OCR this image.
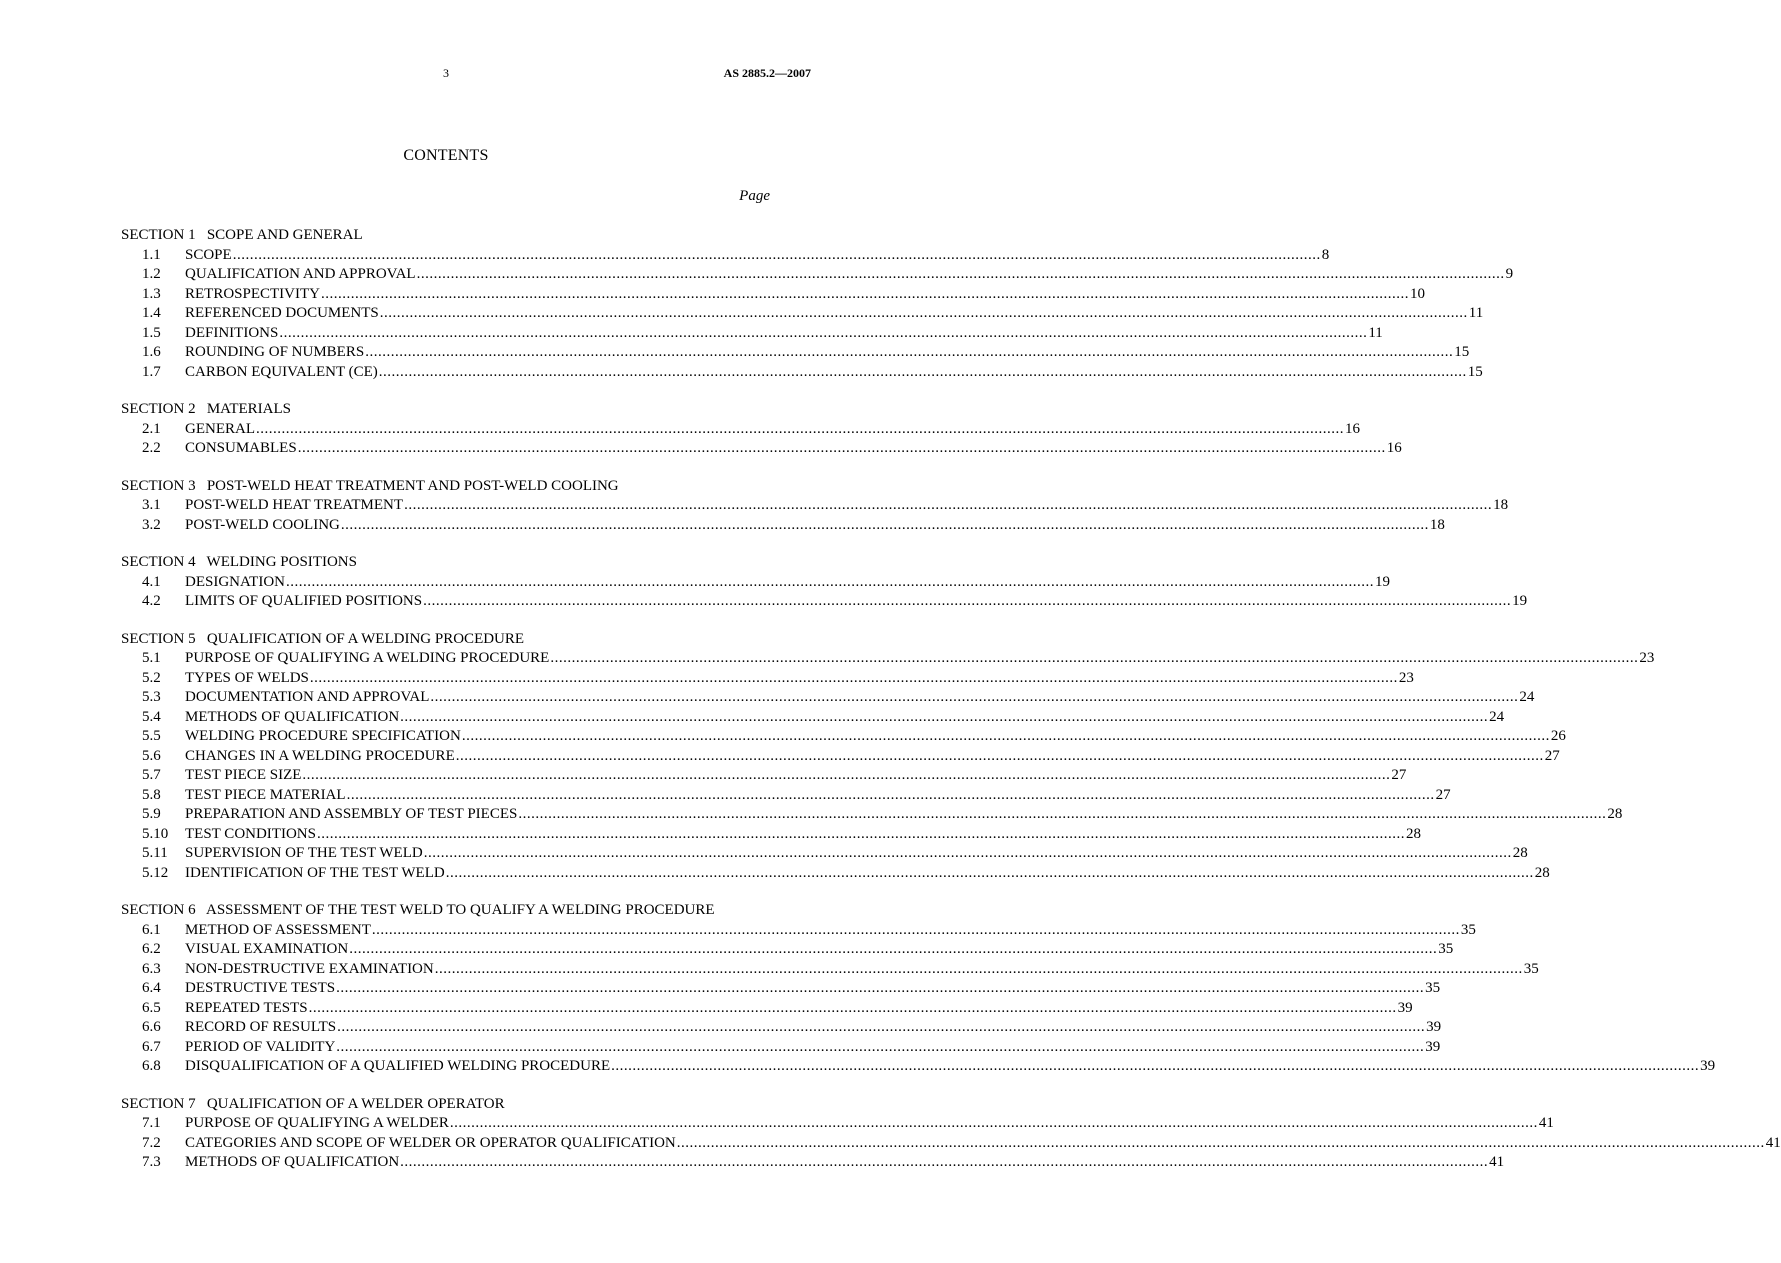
3	AS 2885.2—2007
CONTENTS
Page
SECTION 1   SCOPE AND GENERAL
1.1	SCOPE .....	8
1.2	QUALIFICATION AND APPROVAL .....	9
1.3	RETROSPECTIVITY .....	10
1.4	REFERENCED DOCUMENTS .....	11
1.5	DEFINITIONS .....	11
1.6	ROUNDING OF NUMBERS .....	15
1.7	CARBON EQUIVALENT (CE) .....	15
SECTION 2   MATERIALS
2.1	GENERAL .....	16
2.2	CONSUMABLES .....	16
SECTION 3   POST-WELD HEAT TREATMENT AND POST-WELD COOLING
3.1	POST-WELD HEAT TREATMENT .....	18
3.2	POST-WELD COOLING .....	18
SECTION 4   WELDING POSITIONS
4.1	DESIGNATION .....	19
4.2	LIMITS OF QUALIFIED POSITIONS .....	19
SECTION 5   QUALIFICATION OF A WELDING PROCEDURE
5.1	PURPOSE OF QUALIFYING A WELDING PROCEDURE .....	23
5.2	TYPES OF WELDS .....	23
5.3	DOCUMENTATION AND APPROVAL .....	24
5.4	METHODS OF QUALIFICATION .....	24
5.5	WELDING PROCEDURE SPECIFICATION .....	26
5.6	CHANGES IN A WELDING PROCEDURE .....	27
5.7	TEST PIECE SIZE .....	27
5.8	TEST PIECE MATERIAL .....	27
5.9	PREPARATION AND ASSEMBLY OF TEST PIECES .....	28
5.10	TEST CONDITIONS .....	28
5.11	SUPERVISION OF THE TEST WELD .....	28
5.12	IDENTIFICATION OF THE TEST WELD .....	28
SECTION 6   ASSESSMENT OF THE TEST WELD TO QUALIFY A WELDING PROCEDURE
6.1	METHOD OF ASSESSMENT .....	35
6.2	VISUAL EXAMINATION .....	35
6.3	NON-DESTRUCTIVE EXAMINATION .....	35
6.4	DESTRUCTIVE TESTS .....	35
6.5	REPEATED TESTS .....	39
6.6	RECORD OF RESULTS .....	39
6.7	PERIOD OF VALIDITY .....	39
6.8	DISQUALIFICATION OF A QUALIFIED WELDING PROCEDURE .....	39
SECTION 7   QUALIFICATION OF A WELDER OPERATOR
7.1	PURPOSE OF QUALIFYING A WELDER .....	41
7.2	CATEGORIES AND SCOPE OF WELDER OR OPERATOR QUALIFICATION .....	41
7.3	METHODS OF QUALIFICATION .....	41
